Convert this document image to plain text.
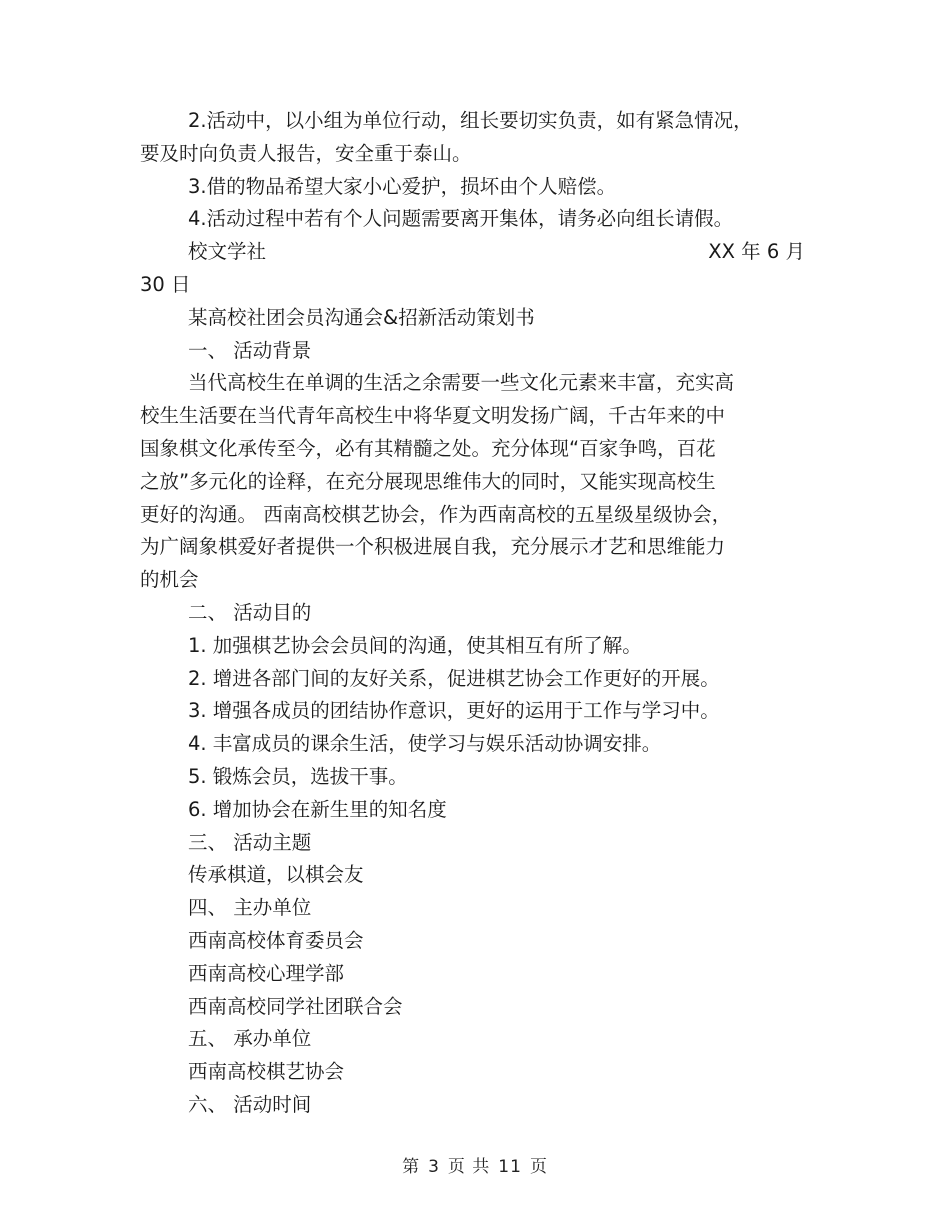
2.活动中，以小组为单位行动，组长要切实负责，如有紧急情况，
要及时向负责人报告，安全重于泰山。
3.借的物品希望大家小心爱护，损坏由个人赔偿。
4.活动过程中若有个人问题需要离开集体，请务必向组长请假。
校文学社	XX 年 6 月
30 日
某高校社团会员沟通会&招新活动策划书
一、 活动背景
当代高校生在单调的生活之余需要一些文化元素来丰富，充实高
校生生活要在当代青年高校生中将华夏文明发扬广阔，千古年来的中
国象棋文化承传至今，必有其精髓之处。充分体现“百家争鸣，百花
之放”多元化的诠释，在充分展现思维伟大的同时，又能实现高校生
更好的沟通。 西南高校棋艺协会，作为西南高校的五星级星级协会，
为广阔象棋爱好者提供一个积极进展自我，充分展示才艺和思维能力
的机会
二、 活动目的
1. 加强棋艺协会会员间的沟通，使其相互有所了解。
2. 增进各部门间的友好关系，促进棋艺协会工作更好的开展。
3. 增强各成员的团结协作意识，更好的运用于工作与学习中。
4. 丰富成员的课余生活，使学习与娱乐活动协调安排。
5. 锻炼会员，选拔干事。
6. 增加协会在新生里的知名度
三、 活动主题
传承棋道，以棋会友
四、 主办单位
西南高校体育委员会
西南高校心理学部
西南高校同学社团联合会
五、 承办单位
西南高校棋艺协会
六、 活动时间
第 3 页 共 11 页
